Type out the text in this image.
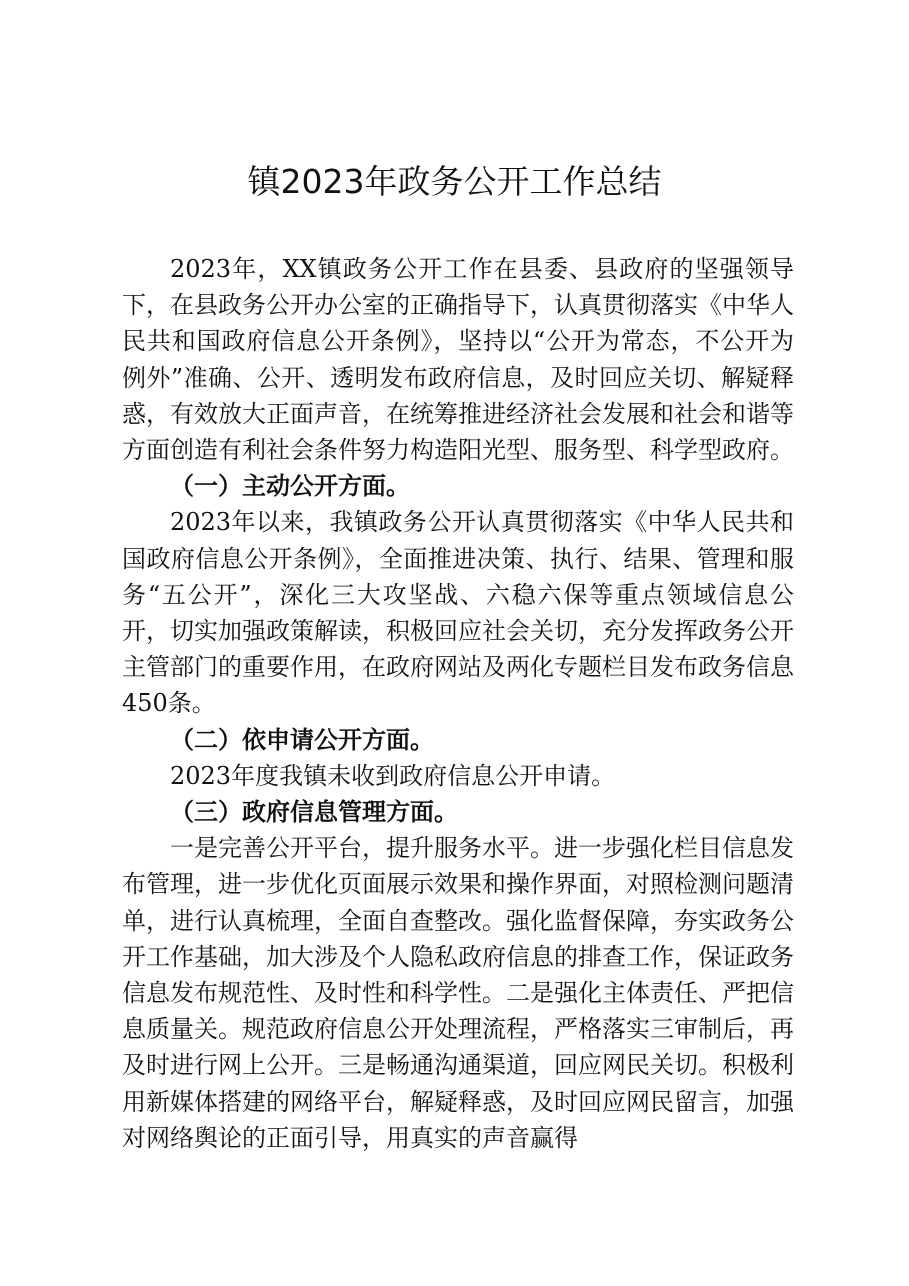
镇2023年政务公开工作总结

2023年，XX镇政务公开工作在县委、县政府的坚强领导下，在县政务公开办公室的正确指导下，认真贯彻落实《中华人民共和国政府信息公开条例》，坚持以“公开为常态，不公开为例外”准确、公开、透明发布政府信息，及时回应关切、解疑释惑，有效放大正面声音，在统筹推进经济社会发展和社会和谐等方面创造有利社会条件努力构造阳光型、服务型、科学型政府。

（一）主动公开方面。

2023年以来，我镇政务公开认真贯彻落实《中华人民共和国政府信息公开条例》，全面推进决策、执行、结果、管理和服务“五公开”，深化三大攻坚战、六稳六保等重点领域信息公开，切实加强政策解读，积极回应社会关切，充分发挥政务公开主管部门的重要作用，在政府网站及两化专题栏目发布政务信息450条。

（二）依申请公开方面。

2023年度我镇未收到政府信息公开申请。

（三）政府信息管理方面。

一是完善公开平台，提升服务水平。进一步强化栏目信息发布管理，进一步优化页面展示效果和操作界面，对照检测问题清单，进行认真梳理，全面自查整改。强化监督保障，夯实政务公开工作基础，加大涉及个人隐私政府信息的排查工作，保证政务信息发布规范性、及时性和科学性。二是强化主体责任、严把信息质量关。规范政府信息公开处理流程，严格落实三审制后，再及时进行网上公开。三是畅通沟通渠道，回应网民关切。积极利用新媒体搭建的网络平台，解疑释惑，及时回应网民留言，加强对网络舆论的正面引导，用真实的声音赢得
